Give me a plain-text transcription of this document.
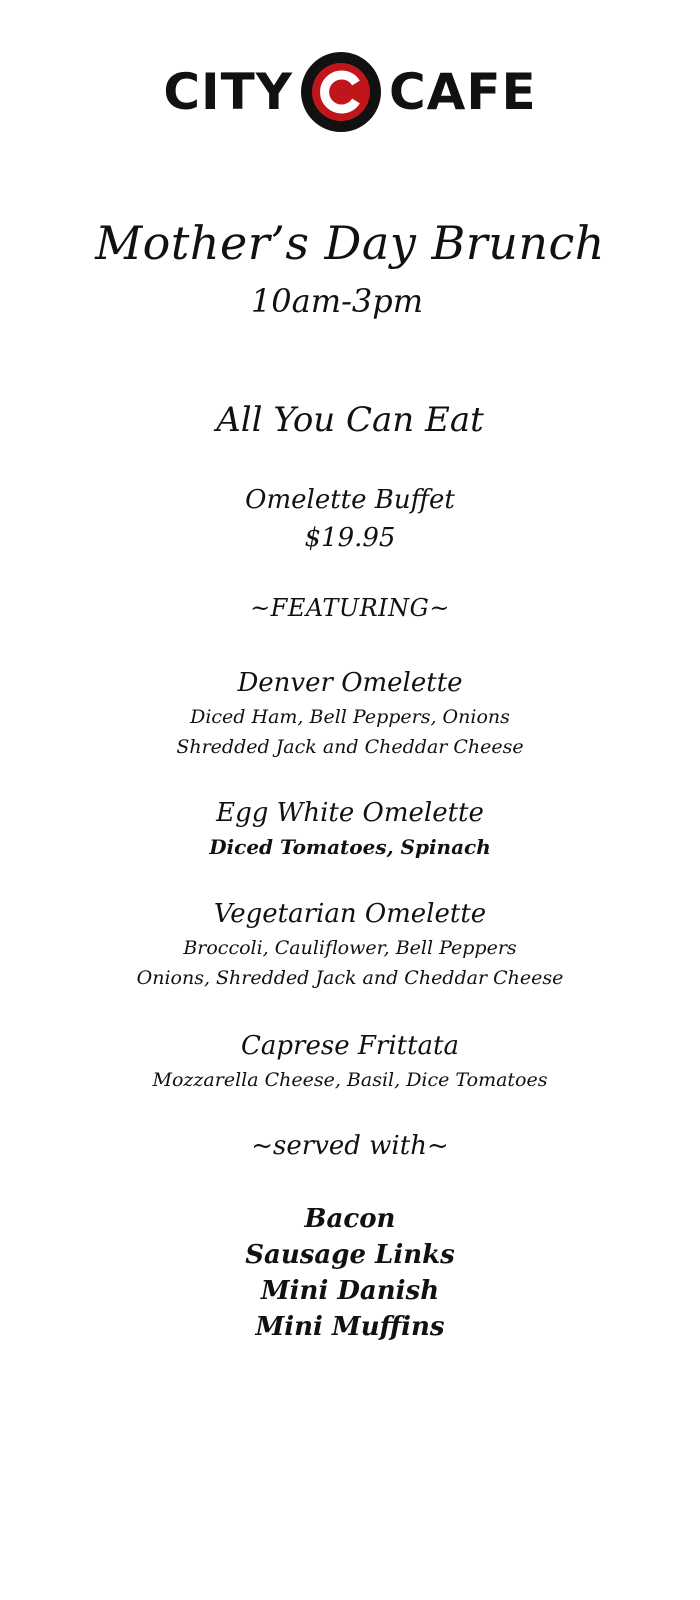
CITY CAFE

Mother’s Day Brunch

10am-3pm

All You Can Eat

Omelette Buffet

$19.95

~FEATURING~

Denver Omelette

Diced Ham, Bell Peppers, Onions

Shredded Jack and Cheddar Cheese

Egg White Omelette

Diced Tomatoes, Spinach

Vegetarian Omelette

Broccoli, Cauliflower, Bell Peppers

Onions, Shredded Jack and Cheddar Cheese

Caprese Frittata

Mozzarella Cheese, Basil, Dice Tomatoes

~served with~

Bacon

Sausage Links

Mini Danish

Mini Muffins
